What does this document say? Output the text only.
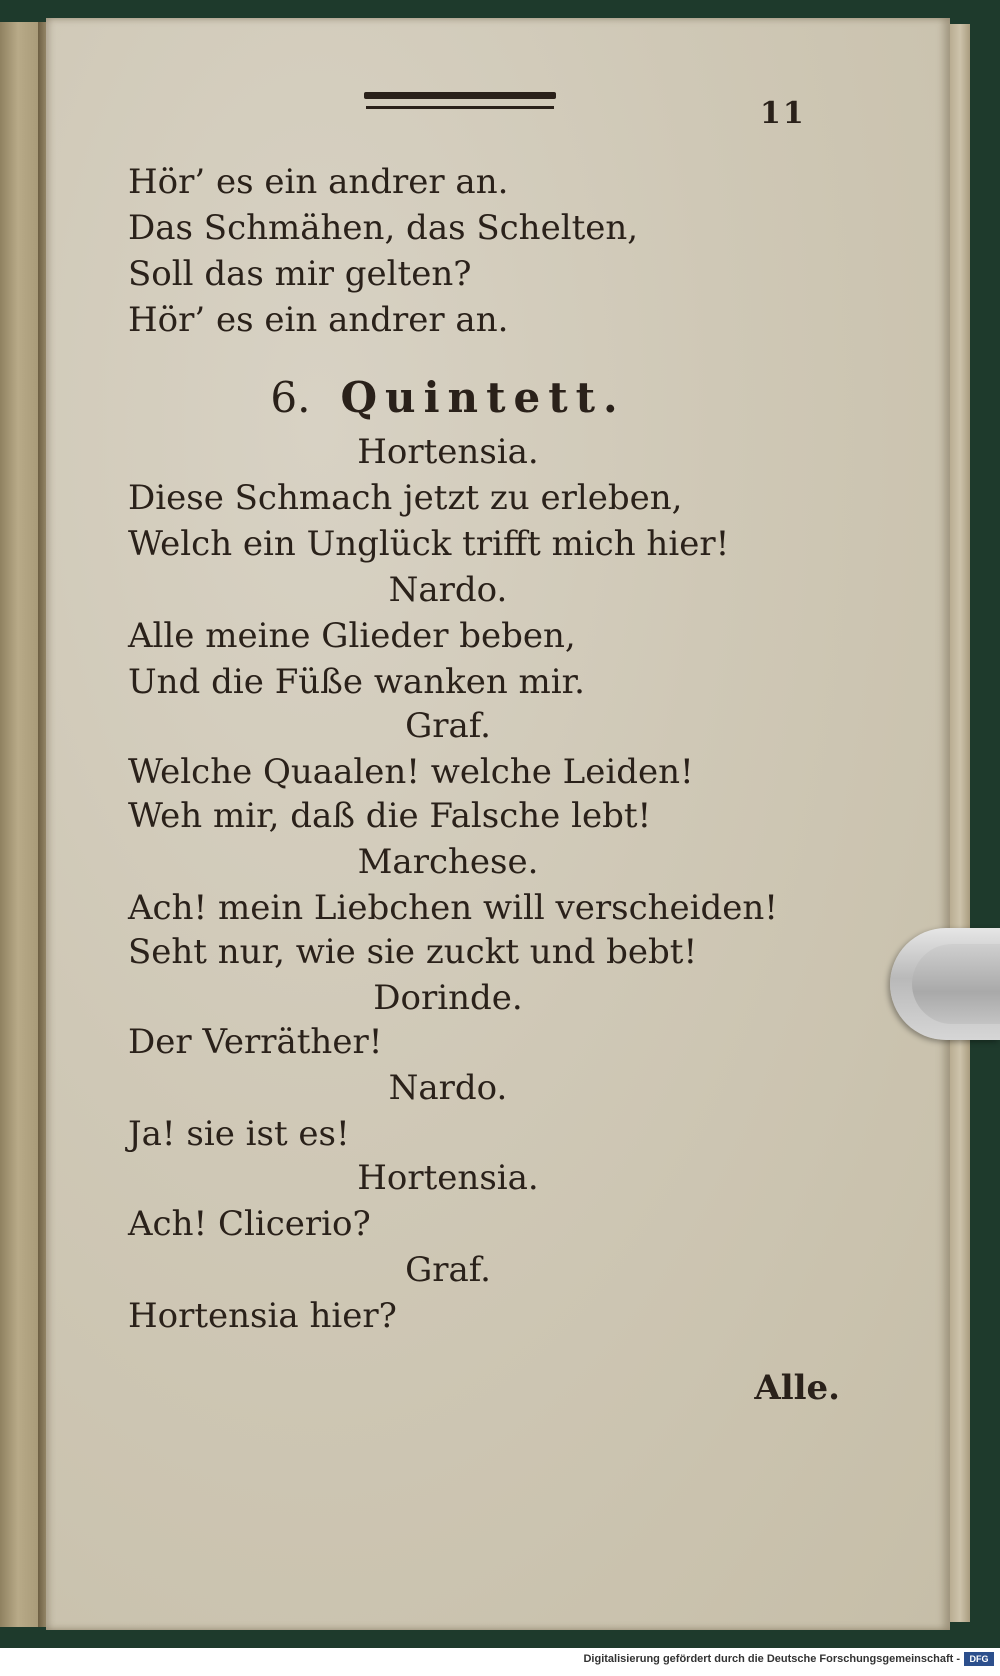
11
Hör’ es ein andrer an.
Das Schmähen, das Schelten,
Soll das mir gelten?
Hör’ es ein andrer an.
6. Quintett.
Hortensia.
Diese Schmach jetzt zu erleben,
Welch ein Unglück trifft mich hier!
Nardo.
Alle meine Glieder beben,
Und die Füße wanken mir.
Graf.
Welche Quaalen! welche Leiden!
Weh mir, daß die Falsche lebt!
Marchese.
Ach! mein Liebchen will verscheiden!
Seht nur, wie sie zuckt und bebt!
Dorinde.
Der Verräther!
Nardo.
Ja! sie ist es!
Hortensia.
Ach! Clicerio?
Graf.
Hortensia hier?
Alle.
Digitalisierung gefördert durch die Deutsche Forschungsgemeinschaft -	DFG
